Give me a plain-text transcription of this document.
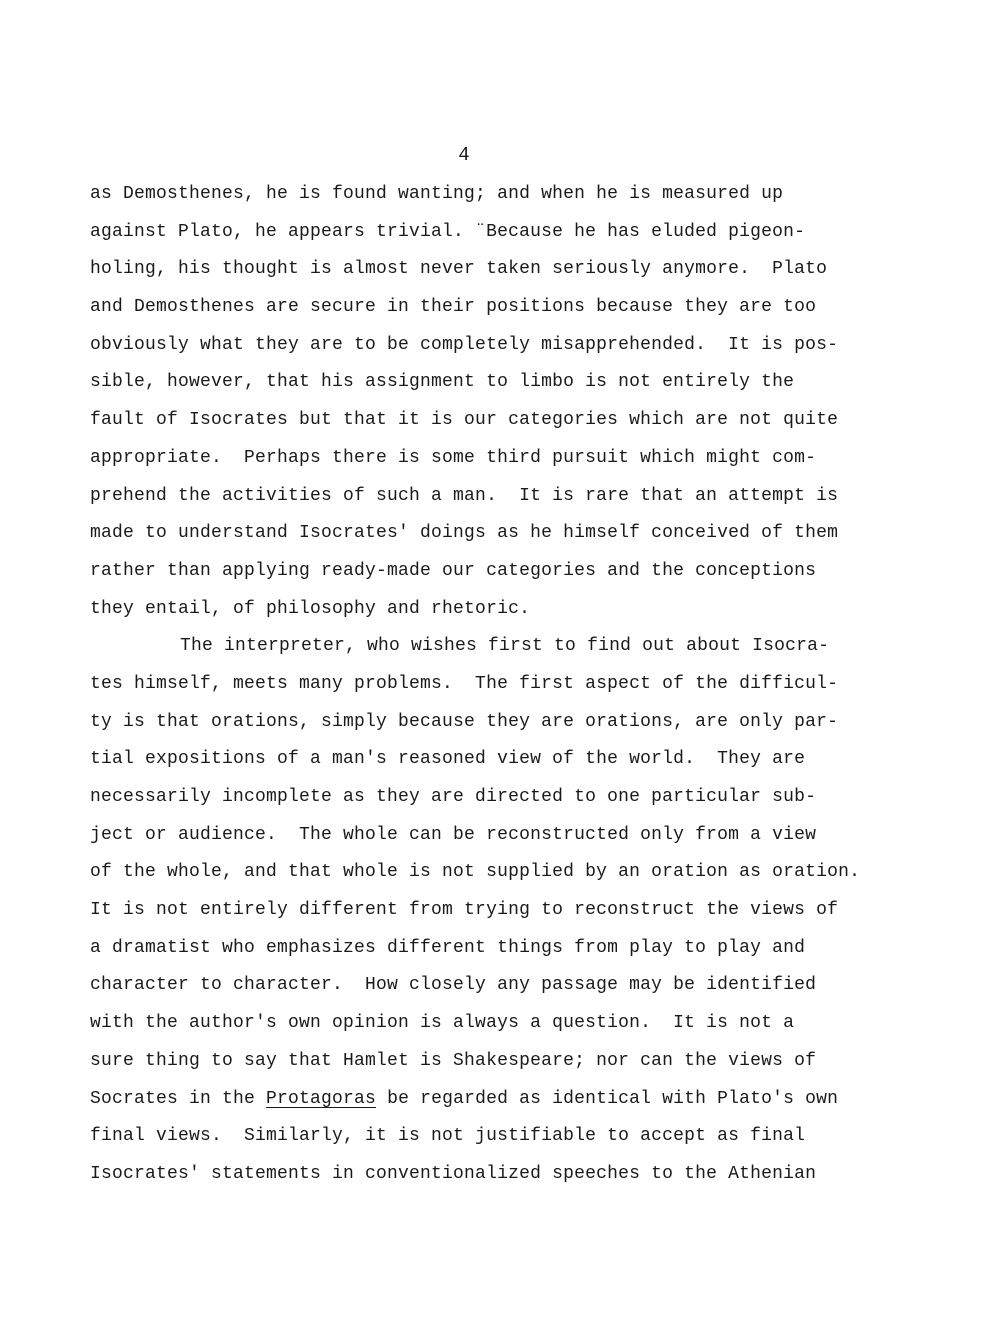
4
as Demosthenes, he is found wanting; and when he is measured up
against Plato, he appears trivial. ¨Because he has eluded pigeon-
holing, his thought is almost never taken seriously anymore.  Plato
and Demosthenes are secure in their positions because they are too
obviously what they are to be completely misapprehended.  It is pos-
sible, however, that his assignment to limbo is not entirely the
fault of Isocrates but that it is our categories which are not quite
appropriate.  Perhaps there is some third pursuit which might com-
prehend the activities of such a man.  It is rare that an attempt is
made to understand Isocrates' doings as he himself conceived of them
rather than applying ready-made our categories and the conceptions
they entail, of philosophy and rhetoric.
The interpreter, who wishes first to find out about Isocra-
tes himself, meets many problems.  The first aspect of the difficul-
ty is that orations, simply because they are orations, are only par-
tial expositions of a man's reasoned view of the world.  They are
necessarily incomplete as they are directed to one particular sub-
ject or audience.  The whole can be reconstructed only from a view
of the whole, and that whole is not supplied by an oration as oration.
It is not entirely different from trying to reconstruct the views of
a dramatist who emphasizes different things from play to play and
character to character.  How closely any passage may be identified
with the author's own opinion is always a question.  It is not a
sure thing to say that Hamlet is Shakespeare; nor can the views of
Socrates in the Protagoras be regarded as identical with Plato's own
final views.  Similarly, it is not justifiable to accept as final
Isocrates' statements in conventionalized speeches to the Athenian
